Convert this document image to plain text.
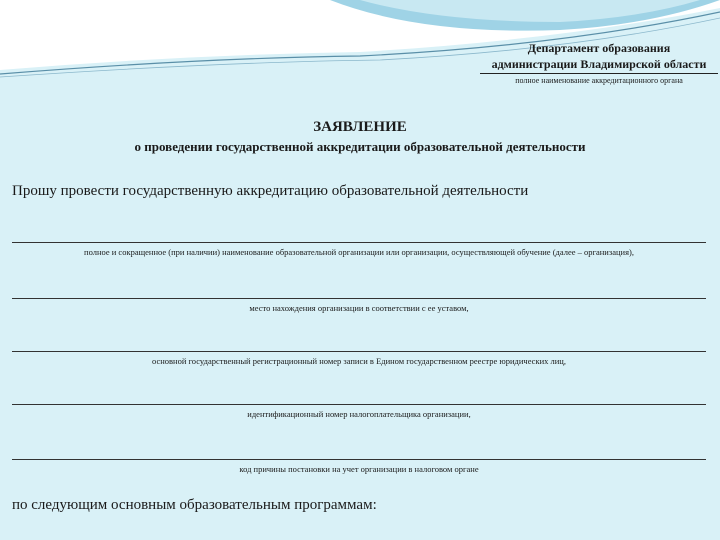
Департамент образования
администрации Владимирской области
полное наименование аккредитационного органа
ЗАЯВЛЕНИЕ
о проведении государственной аккредитации образовательной деятельности
Прошу провести государственную аккредитацию образовательной деятельности
полное и сокращенное (при наличии) наименование образовательной организации или организации, осуществляющей обучение (далее – организация),
место нахождения организации в соответствии с ее уставом,
основной государственный регистрационный номер записи в Едином государственном реестре юридических лиц,
идентификационный номер налогоплательщика организации,
код причины постановки на учет организации в налоговом органе
по следующим основным образовательным программам:
